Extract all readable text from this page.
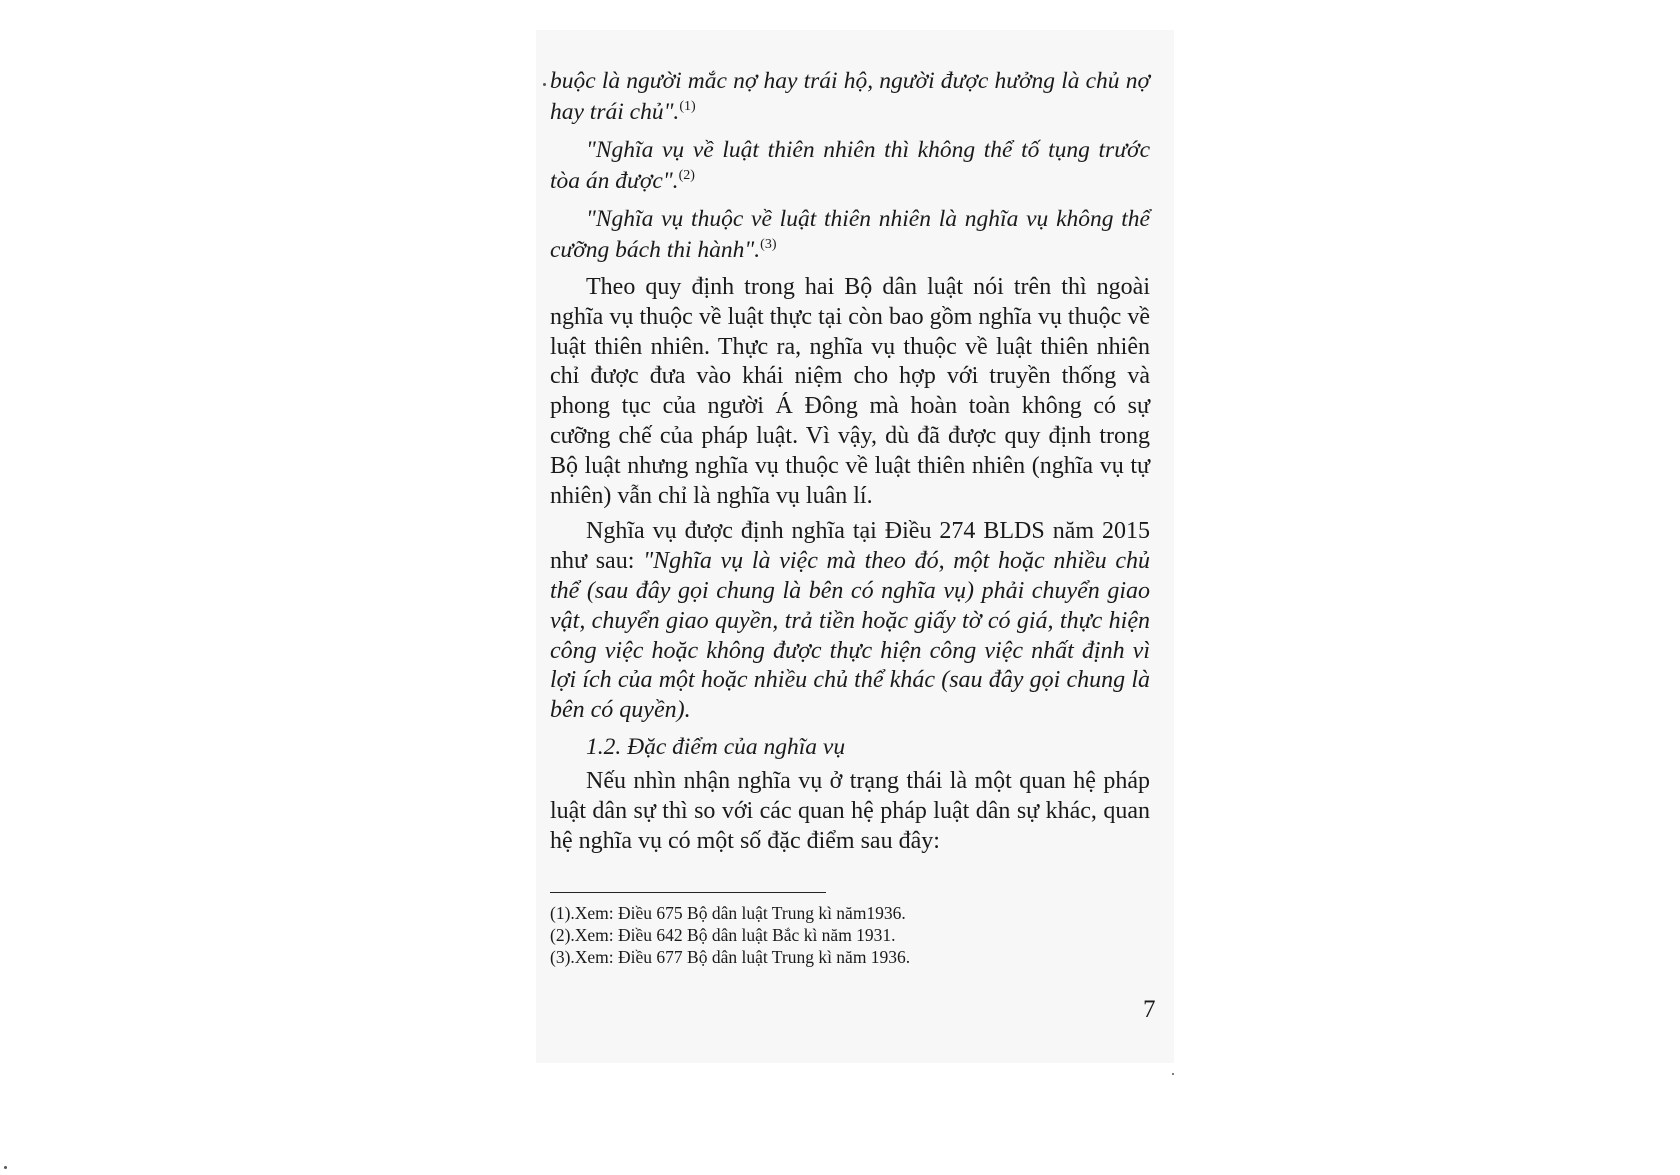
buộc là người mắc nợ hay trái hộ, người được hưởng là chủ nợ hay trái chủ".$^{(1)}$

"Nghĩa vụ về luật thiên nhiên thì không thể tố tụng trước tòa án được".$^{(2)}$

"Nghĩa vụ thuộc về luật thiên nhiên là nghĩa vụ không thể cưỡng bách thi hành".$^{(3)}$

Theo quy định trong hai Bộ dân luật nói trên thì ngoài nghĩa vụ thuộc về luật thực tại còn bao gồm nghĩa vụ thuộc về luật thiên nhiên. Thực ra, nghĩa vụ thuộc về luật thiên nhiên chỉ được đưa vào khái niệm cho hợp với truyền thống và phong tục của người Á Đông mà hoàn toàn không có sự cưỡng chế của pháp luật. Vì vậy, dù đã được quy định trong Bộ luật nhưng nghĩa vụ thuộc về luật thiên nhiên (nghĩa vụ tự nhiên) vẫn chỉ là nghĩa vụ luân lí.

Nghĩa vụ được định nghĩa tại Điều 274 BLDS năm 2015 như sau: "Nghĩa vụ là việc mà theo đó, một hoặc nhiều chủ thể (sau đây gọi chung là bên có nghĩa vụ) phải chuyển giao vật, chuyển giao quyền, trả tiền hoặc giấy tờ có giá, thực hiện công việc hoặc không được thực hiện công việc nhất định vì lợi ích của một hoặc nhiều chủ thể khác (sau đây gọi chung là bên có quyền).

1.2. Đặc điểm của nghĩa vụ

Nếu nhìn nhận nghĩa vụ ở trạng thái là một quan hệ pháp luật dân sự thì so với các quan hệ pháp luật dân sự khác, quan hệ nghĩa vụ có một số đặc điểm sau đây:

(1).Xem: Điều 675 Bộ dân luật Trung kì năm1936.
(2).Xem: Điều 642 Bộ dân luật Bắc kì năm 1931.
(3).Xem: Điều 677 Bộ dân luật Trung kì năm 1936.
7
